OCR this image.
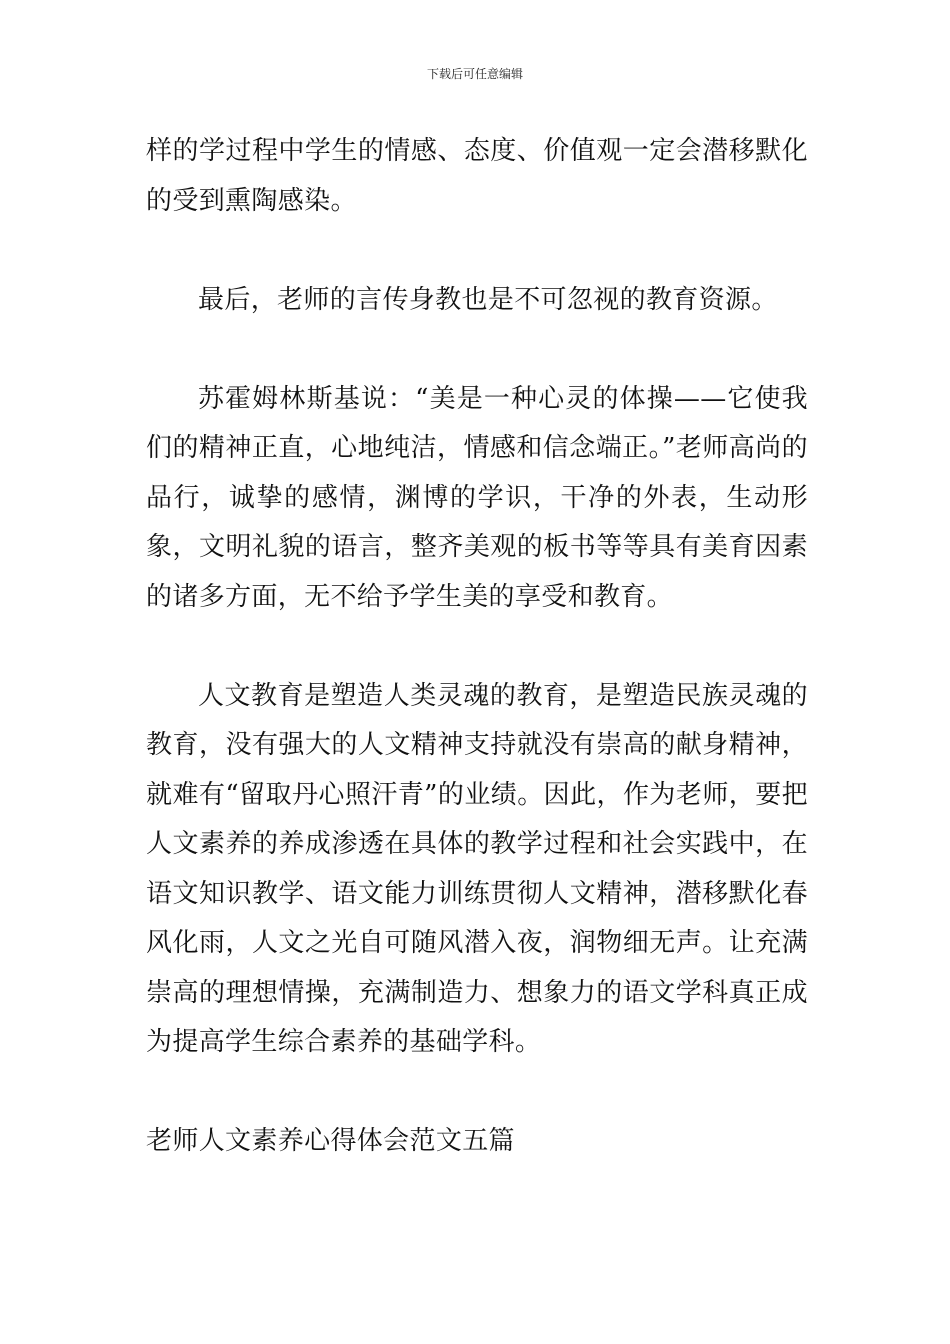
下载后可任意编辑

样的学过程中学生的情感、态度、价值观一定会潜移默化的受到熏陶感染。

最后，老师的言传身教也是不可忽视的教育资源。

苏霍姆林斯基说：“美是一种心灵的体操——它使我们的精神正直，心地纯洁，情感和信念端正。”老师高尚的品行，诚挚的感情，渊博的学识，干净的外表，生动形象，文明礼貌的语言，整齐美观的板书等等具有美育因素的诸多方面，无不给予学生美的享受和教育。

人文教育是塑造人类灵魂的教育，是塑造民族灵魂的教育，没有强大的人文精神支持就没有崇高的献身精神，就难有“留取丹心照汗青”的业绩。因此，作为老师，要把人文素养的养成渗透在具体的教学过程和社会实践中，在语文知识教学、语文能力训练贯彻人文精神，潜移默化春风化雨，人文之光自可随风潜入夜，润物细无声。让充满崇高的理想情操，充满制造力、想象力的语文学科真正成为提高学生综合素养的基础学科。

老师人文素养心得体会范文五篇
